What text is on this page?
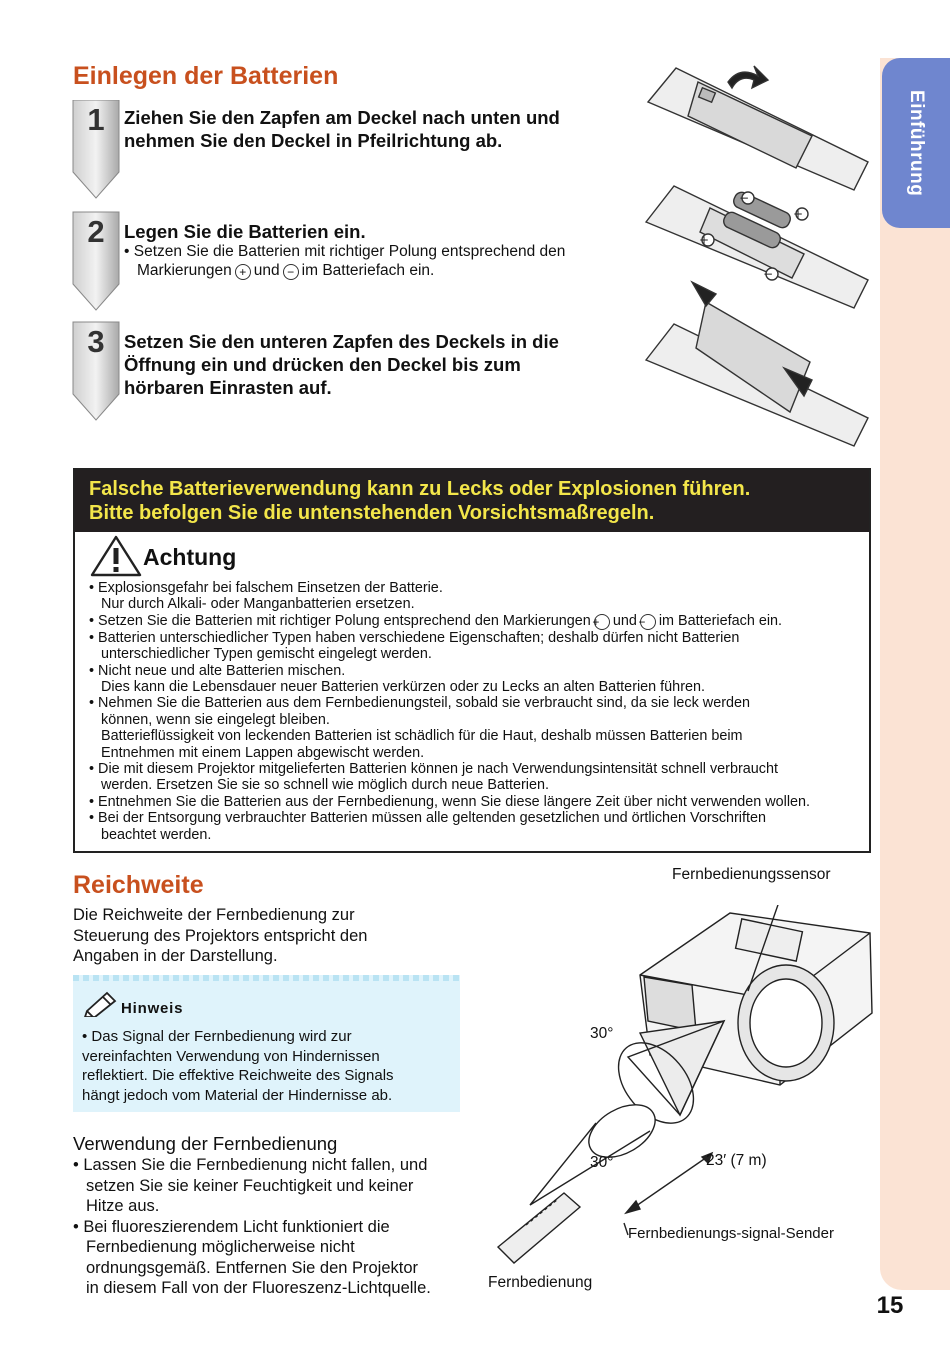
Einführung
15
Einlegen der Batterien
1
2
3
Ziehen Sie den Zapfen am Deckel nach unten und
nehmen Sie den Deckel in Pfeilrichtung ab.
Legen Sie die Batterien ein.
• Setzen Sie die Batterien mit richtiger Polung entsprechend den
Markierungen + und − im Batteriefach ein.
Setzen Sie den unteren Zapfen des Deckels in die
Öffnung ein und drücken den Deckel bis zum
hörbaren Einrasten auf.
−
+
+
−
Falsche Batterieverwendung kann zu Lecks oder Explosionen führen.
Bitte befolgen Sie die untenstehenden Vorsichtsmaßregeln.
Achtung
• Explosionsgefahr bei falschem Einsetzen der Batterie.
Nur durch Alkali- oder Manganbatterien ersetzen.
• Setzen Sie die Batterien mit richtiger Polung entsprechend den Markierungen+ und− im Batteriefach ein.
• Batterien unterschiedlicher Typen haben verschiedene Eigenschaften; deshalb dürfen nicht Batterien
unterschiedlicher Typen gemischt eingelegt werden.
• Nicht neue und alte Batterien mischen.
Dies kann die Lebensdauer neuer Batterien verkürzen oder zu Lecks an alten Batterien führen.
• Nehmen Sie die Batterien aus dem Fernbedienungsteil, sobald sie verbraucht sind, da sie leck werden
können, wenn sie eingelegt bleiben.
Batterieflüssigkeit von leckenden Batterien ist schädlich für die Haut, deshalb müssen Batterien beim
Entnehmen mit einem Lappen abgewischt werden.
• Die mit diesem Projektor mitgelieferten Batterien können je nach Verwendungsintensität schnell verbraucht
werden. Ersetzen Sie sie so schnell wie möglich durch neue Batterien.
• Entnehmen Sie die Batterien aus der Fernbedienung, wenn Sie diese längere Zeit über nicht verwenden wollen.
• Bei der Entsorgung verbrauchter Batterien müssen alle geltenden gesetzlichen und örtlichen Vorschriften
beachtet werden.
Reichweite
Die Reichweite der Fernbedienung zur
Steuerung des Projektors entspricht den
Angaben in der Darstellung.
Hinweis
• Das Signal der Fernbedienung wird zur
vereinfachten Verwendung von Hindernissen
reflektiert. Die effektive Reichweite des Signals
hängt jedoch vom Material der Hindernisse ab.
Verwendung der Fernbedienung
• Lassen Sie die Fernbedienung nicht fallen, und
setzen Sie sie keiner Feuchtigkeit und keiner
Hitze aus.
• Bei fluoreszierendem Licht funktioniert die
Fernbedienung möglicherweise nicht
ordnungsgemäß. Entfernen Sie den Projektor
in diesem Fall von der Fluoreszenz-Lichtquelle.
Fernbedienungssensor
30°
30°	23′ (7 m)
Fernbedienungs-signal-Sender
Fernbedienung
